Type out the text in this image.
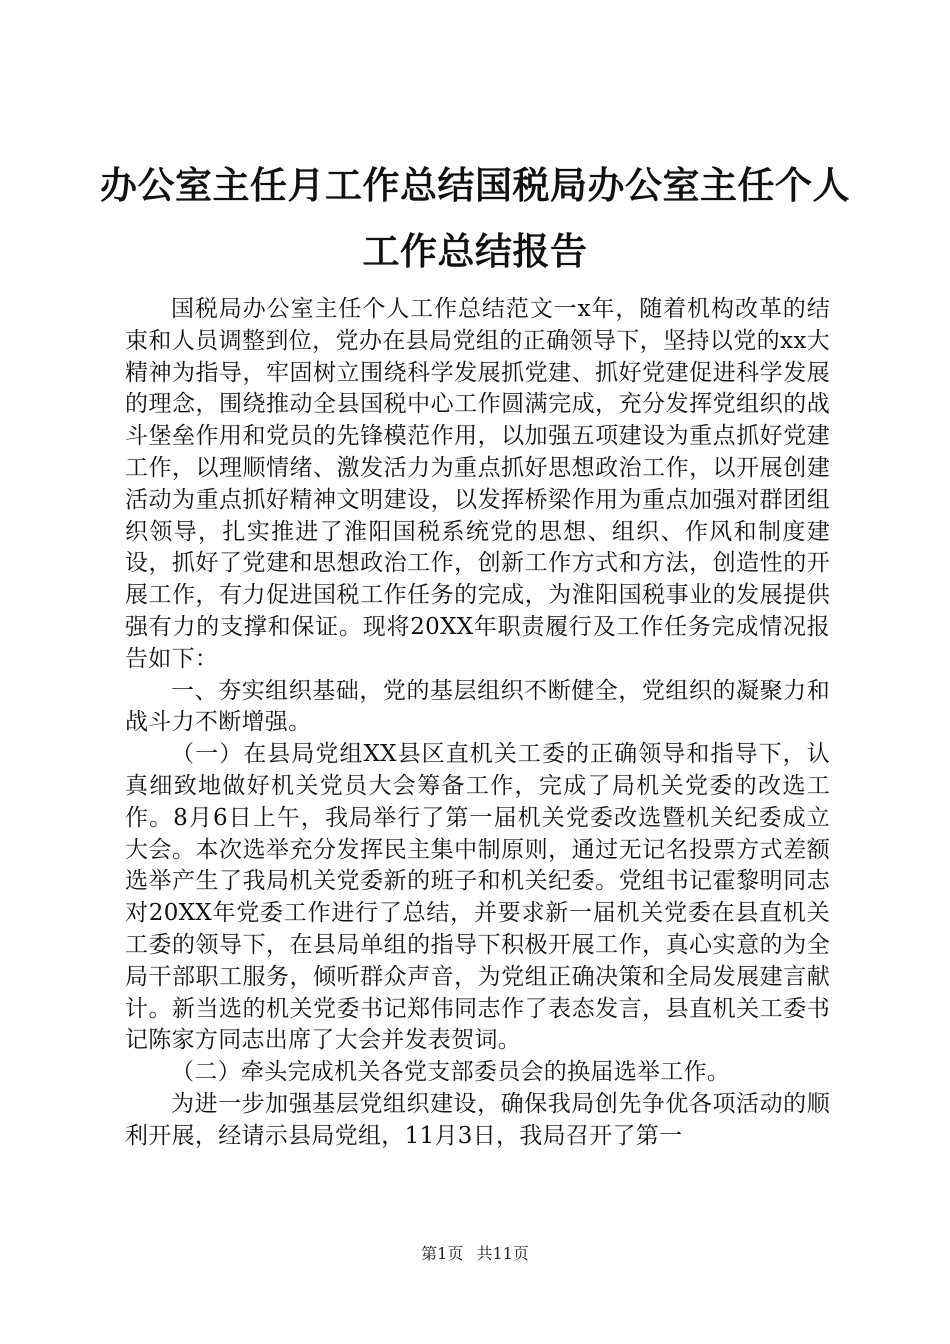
办公室主任月工作总结国税局办公室主任个人工作总结报告

国税局办公室主任个人工作总结范文一x年，随着机构改革的结束和人员调整到位，党办在县局党组的正确领导下，坚持以党的xx大精神为指导，牢固树立围绕科学发展抓党建、抓好党建促进科学发展的理念，围绕推动全县国税中心工作圆满完成，充分发挥党组织的战斗堡垒作用和党员的先锋模范作用，以加强五项建设为重点抓好党建工作，以理顺情绪、激发活力为重点抓好思想政治工作，以开展创建活动为重点抓好精神文明建设，以发挥桥梁作用为重点加强对群团组织领导，扎实推进了淮阳国税系统党的思想、组织、作风和制度建设，抓好了党建和思想政治工作，创新工作方式和方法，创造性的开展工作，有力促进国税工作任务的完成，为淮阳国税事业的发展提供强有力的支撑和保证。现将20XX年职责履行及工作任务完成情况报告如下：

一、夯实组织基础，党的基层组织不断健全，党组织的凝聚力和战斗力不断增强。

（一）在县局党组XX县区直机关工委的正确领导和指导下，认真细致地做好机关党员大会筹备工作，完成了局机关党委的改选工作。8月6日上午，我局举行了第一届机关党委改选暨机关纪委成立大会。本次选举充分发挥民主集中制原则，通过无记名投票方式差额选举产生了我局机关党委新的班子和机关纪委。党组书记霍黎明同志对20XX年党委工作进行了总结，并要求新一届机关党委在县直机关工委的领导下，在县局单组的指导下积极开展工作，真心实意的为全局干部职工服务，倾听群众声音，为党组正确决策和全局发展建言献计。新当选的机关党委书记郑伟同志作了表态发言，县直机关工委书记陈家方同志出席了大会并发表贺词。

（二）牵头完成机关各党支部委员会的换届选举工作。

为进一步加强基层党组织建设，确保我局创先争优各项活动的顺利开展，经请示县局党组，11月3日，我局召开了第一

第1页 共11页
